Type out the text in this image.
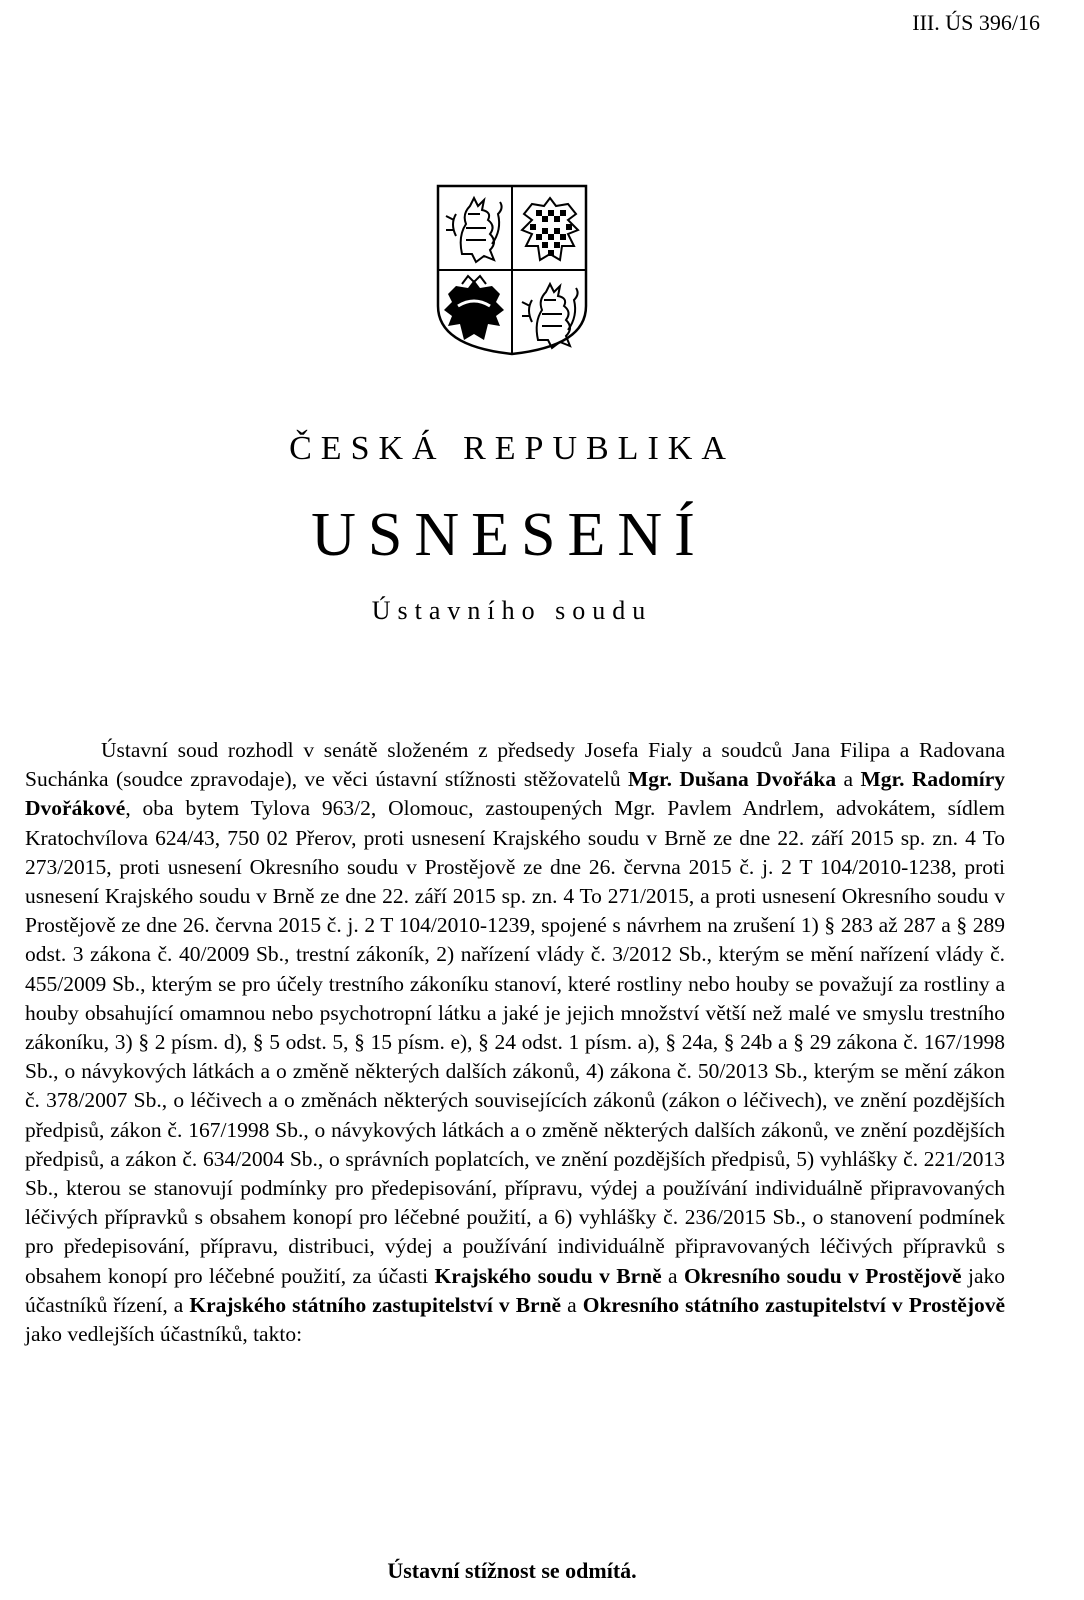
III. ÚS 396/16
ČESKÁ REPUBLIKA
USNESENÍ
Ústavního soudu

Ústavní soud rozhodl v senátě složeném z předsedy Josefa Fialy a soudců Jana Filipa a Radovana Suchánka (soudce zpravodaje), ve věci ústavní stížnosti stěžovatelů Mgr. Dušana Dvořáka a Mgr. Radomíry Dvořákové, oba bytem Tylova 963/2, Olomouc, zastoupených Mgr. Pavlem Andrlem, advokátem, sídlem Kratochvílova 624/43, 750 02 Přerov, proti usnesení Krajského soudu v Brně ze dne 22. září 2015 sp. zn. 4 To 273/2015, proti usnesení Okresního soudu v Prostějově ze dne 26. června 2015 č. j. 2 T 104/2010-1238, proti usnesení Krajského soudu v Brně ze dne 22. září 2015 sp. zn. 4 To 271/2015, a proti usnesení Okresního soudu v Prostějově ze dne 26. června 2015 č. j. 2 T 104/2010-1239, spojené s návrhem na zrušení 1) § 283 až 287 a § 289 odst. 3 zákona č. 40/2009 Sb., trestní zákoník, 2) nařízení vlády č. 3/2012 Sb., kterým se mění nařízení vlády č. 455/2009 Sb., kterým se pro účely trestního zákoníku stanoví, které rostliny nebo houby se považují za rostliny a houby obsahující omamnou nebo psychotropní látku a jaké je jejich množství větší než malé ve smyslu trestního zákoníku, 3) § 2 písm. d), § 5 odst. 5, § 15 písm. e), § 24 odst. 1 písm. a), § 24a, § 24b a § 29 zákona č. 167/1998 Sb., o návykových látkách a o změně některých dalších zákonů, 4) zákona č. 50/2013 Sb., kterým se mění zákon č. 378/2007 Sb., o léčivech a o změnách některých souvisejících zákonů (zákon o léčivech), ve znění pozdějších předpisů, zákon č. 167/1998 Sb., o návykových látkách a o změně některých dalších zákonů, ve znění pozdějších předpisů, a zákon č. 634/2004 Sb., o správních poplatcích, ve znění pozdějších předpisů, 5) vyhlášky č. 221/2013 Sb., kterou se stanovují podmínky pro předepisování, přípravu, výdej a používání individuálně připravovaných léčivých přípravků s obsahem konopí pro léčebné použití, a 6) vyhlášky č. 236/2015 Sb., o stanovení podmínek pro předepisování, přípravu, distribuci, výdej a používání individuálně připravovaných léčivých přípravků s obsahem konopí pro léčebné použití, za účasti Krajského soudu v Brně a Okresního soudu v Prostějově jako účastníků řízení, a Krajského státního zastupitelství v Brně a Okresního státního zastupitelství v Prostějově jako vedlejších účastníků, takto:

Ústavní stížnost se odmítá.
